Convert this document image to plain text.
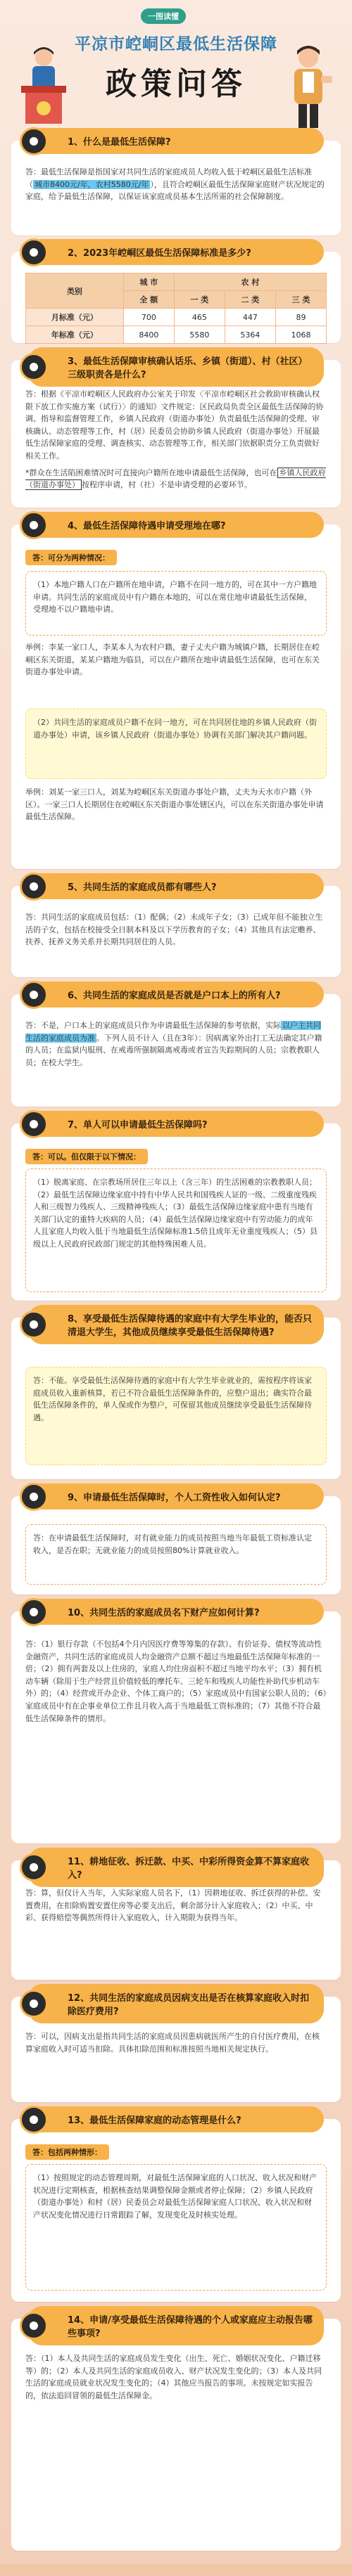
一图读懂
平凉市崆峒区最低生活保障
政策问答
1、什么是最低生活保障?
答：最低生活保障是指国家对共同生活的家庭成员人均收入低于崆峒区最低生活标准（ 城市8400元/年，农村5580元/年 ），且符合崆峒区最低生活保障家庭财产状况规定的家庭，给予最低生活保障，以保证该家庭成员基本生活所需的社会保障制度。
2、2023年崆峒区最低生活保障标准是多少?
类别	城 市	农 村		
	全 额	一 类	二 类	三 类
月标准（元）	700	465	447	89
年标准（元）	8400	5580	5364	1068
3、最低生活保障审核确认话乐、乡镇（街道）、村（社区）三级职责各是什么?
答：根据《平凉市崆峒区人民政府办公室关于印发〈平凉市崆峒区社会救助审核确认权限下放工作实施方案（试行）〉的通知》文件规定：区民政局负责全区最低生活保障的协调、指导和监督管理工作，乡镇人民政府（街道办事处）负责最低生活保障的受理、审核确认、动态管理等工作，村（居）民委员会协助乡镇人民政府（街道办事处）开展最低生活保障家庭的受理、调查核实、动态管理等工作，相关部门依据职责分工负责做好相关工作。
*群众在生活陷困难情况时可直接向户籍所在地申请最低生活保障，也可在 乡镇人民政府（街道办事处） 按程序申请，村（社）不是申请受理的必要环节。
4、最低生活保障待遇申请受理地在哪?
答：可分为两种情况：
（1）本地户籍人口在户籍所在地申请，户籍不在同一地方的，可在其中一方户籍地申请。共同生活的家庭成员中有户籍在本地的，可以在常住地申请最低生活保障，受理地不以户籍地申请。
举例：李某一家口人，李某本人为农村户籍，妻子丈夫户籍为城镇户籍，长期居住在崆峒区东关街道，某某户籍地为临县，可以在户籍所在地申请最低生活保障，也可在东关街道办事处申请。
（2）共同生活的家庭成员户籍不在同一地方，可在共同居住地的乡镇人民政府（街道办事处）申请，该乡镇人民政府（街道办事处）协调有关部门解决其户籍问题。
举例：刘某一家三口人，刘某为崆峒区东关街道办事处户籍，丈夫为天水市户籍（外区）。一家三口人长期居住在崆峒区东关街道办事处辖区内，可以在东关街道办事处申请最低生活保障。
5、共同生活的家庭成员都有哪些人?
答：共同生活的家庭成员包括：（1）配偶；（2）未成年子女；（3）已成年但不能独立生活的子女，包括在校接受全日制本科及以下学历教育的子女；（4）其他具有法定赡养、扶养、抚养义务关系并长期共同居住的人员。
6、共同生活的家庭成员是否就是户口本上的所有人?
答：不是，户口本上的家庭成员只作为申请最低生活保障的参考依据，实际 以户主共同生活的家庭成员为准 。下列人员不计入（且在3年）：因病离家外出打工无法确定其户籍的人员；在监狱内服刑、在戒毒所强制隔离戒毒或者宣告失踪期间的人员；宗教教职人员；在校大学生。
7、单人可以申请最低生活保障吗?
答：可以。但仅限于以下情况：
（1）脱离家庭、在宗教场所居住三年以上（含三年）的生活困难的宗教教职人员；（2）最低生活保障边缘家庭中持有中华人民共和国残疾人证的一级、二级重度残疾人和三级智力残疾人、三级精神残疾人；（3）最低生活保障边缘家庭中患有当地有关部门认定的重特大疾病的人员；（4）最低生活保障边缘家庭中有劳动能力的成年人且家庭人均收入低于当地最低生活保障标准1.5倍且成年无业重度残疾人；（5）县级以上人民政府民政部门规定的其他特殊困难人员。
8、享受最低生活保障待遇的家庭中有大学生毕业的，能否只清退大学生，其他成员继续享受最低生活保障待遇?
答：不能。享受最低生活保障待遇的家庭中有大学生毕业就业的，需按程序将该家庭成员收入重新核算，若已不符合最低生活保障条件的，应整户退出；确实符合最低生活保障条件的，单人保或作为整户，可保留其他成员继续享受最低生活保障待遇。
9、申请最低生活保障时，个人工资性收入如何认定?
答：在申请最低生活保障时，对有就业能力的成员按照当地当年最低工资标准认定收入，是否在职；无就业能力的成员按照80%计算就业收入。
10、共同生活的家庭成员名下财产应如何计算?
答：（1）银行存款（不包括4个月内因医疗费等筹集的存款）、有价证券、债权等流动性金融资产，共同生活的家庭成员人均金融资产总额不超过当地最低生活保障年标准的一倍；（2）拥有两套及以上住房的，家庭人均住房面积不超过当地平均水平；（3）拥有机动车辆（除用于生产经营且价值较低的摩托车、三轮车和残疾人功能性补助代步机动车外）的；（4）经营或开办企业、个体工商户的；（5）家庭成员中有国家公职人员的；（6）家庭成员中有在企事业单位工作且月收入高于当地最低工资标准的；（7）其他不符合最低生活保障条件的情形。
11、耕地征收、拆迁款、中买、中彩所得资金算不算家庭收入?
答：算，但仅计入当年，入实际家庭人员名下，（1）因耕地征收、拆迁获得的补偿、安置费用，在扣除购置安置住房等必要支出后，剩余部分计入家庭收入；（2）中买、中彩、获得赔偿等偶然所得计入家庭收入，计入期限为获得当年。
12、共同生活的家庭成员因病支出是否在核算家庭收入时扣除医疗费用?
答：可以，因病支出是指共同生活的家庭成员因患病就医所产生的自付医疗费用，在核算家庭收入时可适当扣除。具体扣除范围和标准按照当地相关规定执行。
13、最低生活保障家庭的动态管理是什么?
答：包括两种情形：
（1）按照规定的动态管理周期，对最低生活保障家庭的人口状况、收入状况和财产状况进行定期核查，根据核查结果调整保障金额或者停止保障；（2）乡镇人民政府（街道办事处）和村（居）民委员会对最低生活保障家庭人口状况、收入状况和财产状况变化情况进行日常跟踪了解，发现变化及时核实处理。
14、申请/享受最低生活保障待遇的个人或家庭应主动报告哪些事项?
答：（1）本人及共同生活的家庭成员发生变化（出生、死亡、婚姻状况变化、户籍迁移等）的；（2）本人及共同生活的家庭成员收入、财产状况发生变化的；（3）本人及共同生活的家庭成员就业状况发生变化的；（4）其他应当报告的事项。未按规定如实报告的，依法追回冒领的最低生活保障金。
